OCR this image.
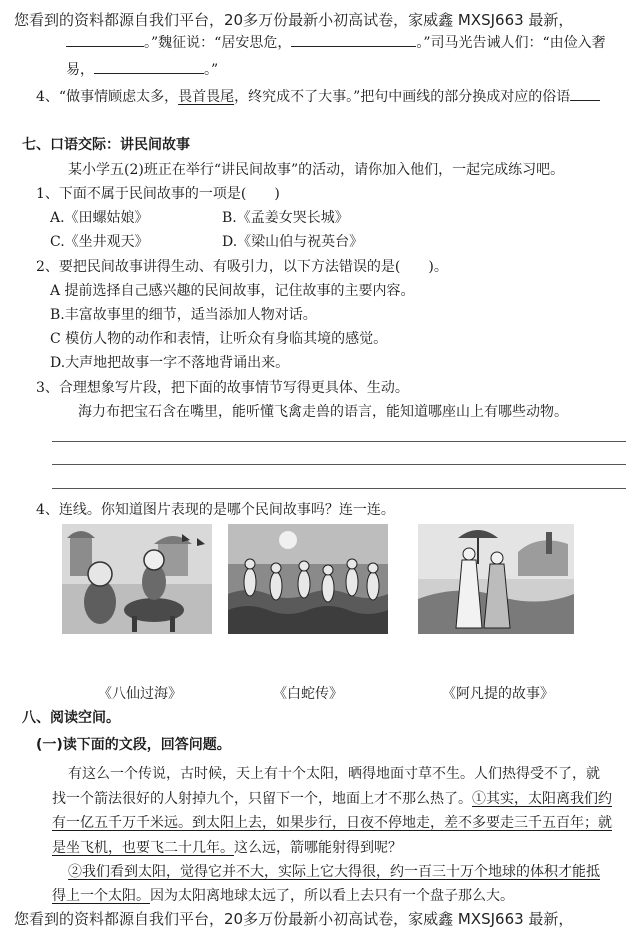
您看到的资料都源自我们平台，20多万份最新小初高试卷，家威鑫 MXSJ663 最新，
。”魏征说：“居安思危，	。”司马光告诫人们：“由俭入奢
易，	。”
4、“做事情顾虑太多，畏首畏尾，终究成不了大事。”把句中画线的部分换成对应的俗语
七、口语交际：讲民间故事
某小学五(2)班正在举行“讲民间故事”的活动，请你加入他们，一起完成练习吧。
1、下面不属于民间故事的一项是(　　)
A.《田螺姑娘》	B.《孟姜女哭长城》
C.《坐井观天》	D.《梁山伯与祝英台》
2、要把民间故事讲得生动、有吸引力，以下方法错误的是(　　)。
A 提前选择自己感兴趣的民间故事，记住故事的主要内容。
B.丰富故事里的细节，适当添加人物对话。
C 模仿人物的动作和表情，让听众有身临其境的感觉。
D.大声地把故事一字不落地背诵出来。
3、合理想象写片段，把下面的故事情节写得更具体、生动。
海力布把宝石含在嘴里，能听懂飞禽走兽的语言，能知道哪座山上有哪些动物。
4、连线。你知道图片表现的是哪个民间故事吗？连一连。
《八仙过海》	《白蛇传》	《阿凡提的故事》
八、阅读空间。
(一)读下面的文段，回答问题。
有这么一个传说，古时候，天上有十个太阳，晒得地面寸草不生。人们热得受不了，就
找一个箭法很好的人射掉九个，只留下一个，地面上才不那么热了。①其实，太阳离我们约
有一亿五千万千米远。到太阳上去，如果步行，日夜不停地走，差不多要走三千五百年；就
是坐飞机，也要飞二十几年。这么远，箭哪能射得到呢？
②我们看到太阳，觉得它并不大，实际上它大得很，约一百三十万个地球的体积才能抵
得上一个太阳。因为太阳离地球太远了，所以看上去只有一个盘子那么大。
您看到的资料都源自我们平台，20多万份最新小初高试卷，家威鑫 MXSJ663 最新，
